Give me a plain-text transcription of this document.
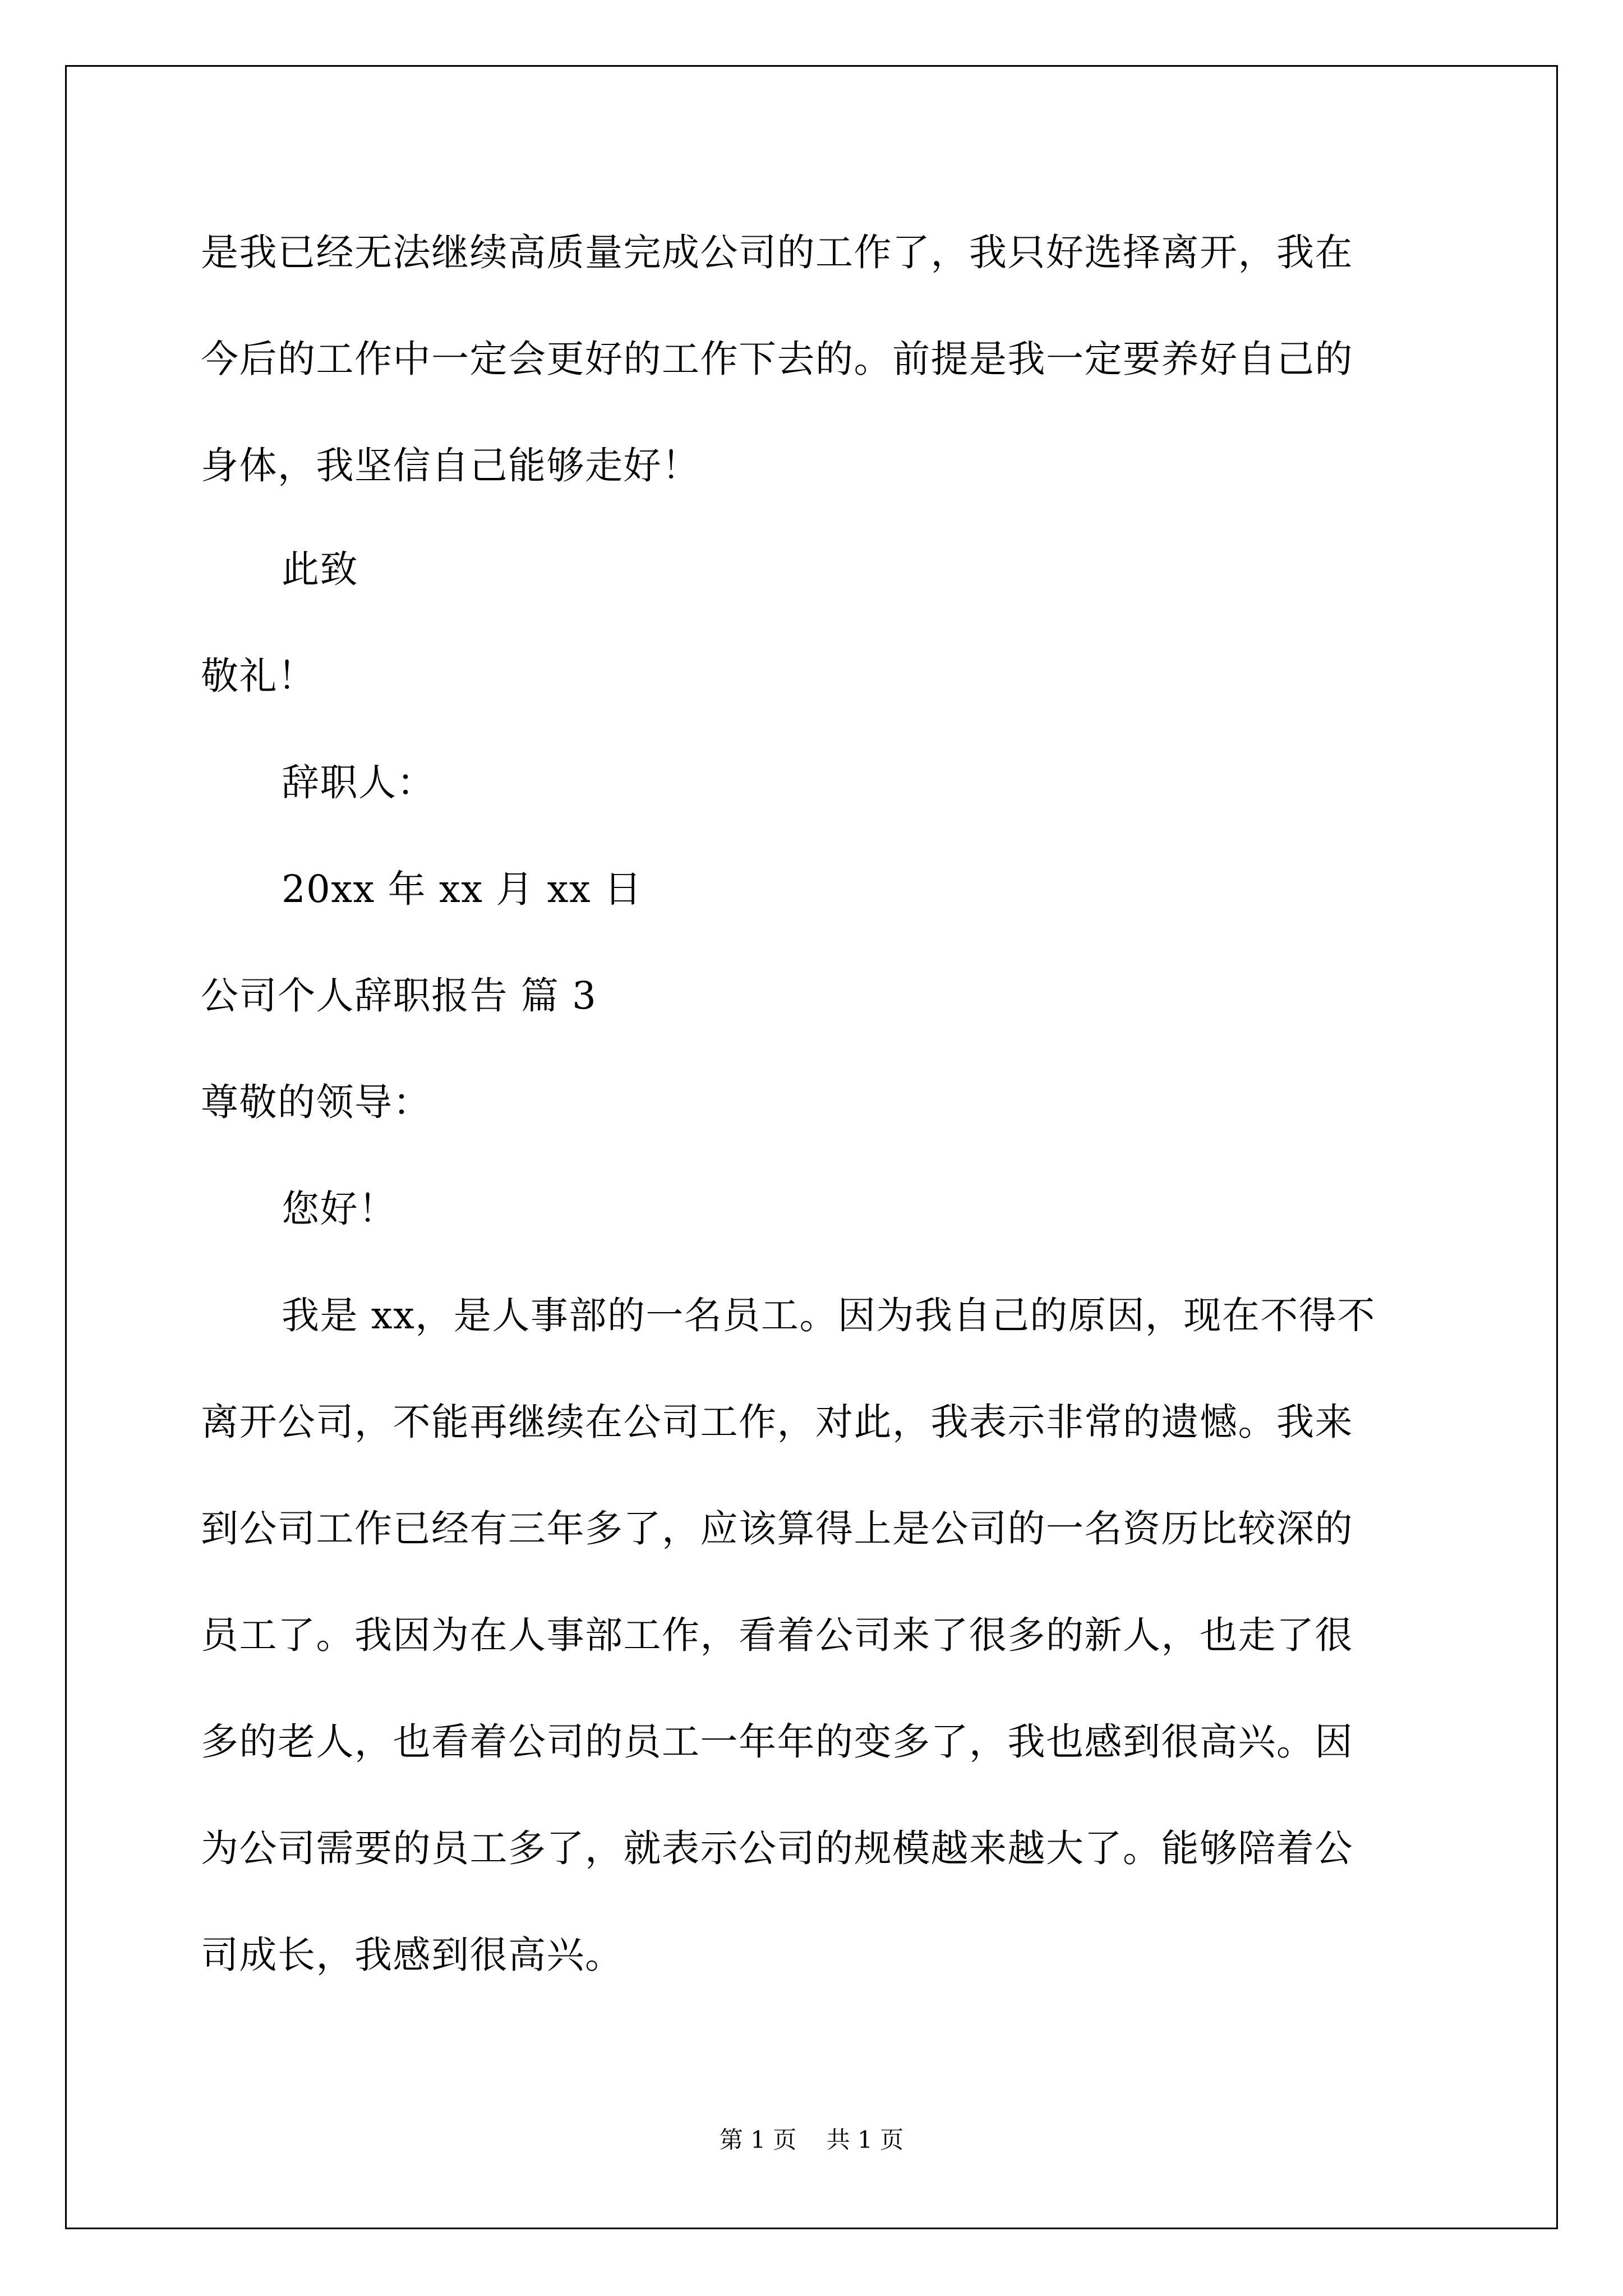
是我已经无法继续高质量完成公司的工作了，我只好选择离开，我在
今后的工作中一定会更好的工作下去的。前提是我一定要养好自己的
身体，我坚信自己能够走好！
此致
敬礼！
辞职人：
20xx 年 xx 月 xx 日
公司个人辞职报告 篇 3
尊敬的领导：
您好！
我是 xx，是人事部的一名员工。因为我自己的原因，现在不得不
离开公司，不能再继续在公司工作，对此，我表示非常的遗憾。我来
到公司工作已经有三年多了，应该算得上是公司的一名资历比较深的
员工了。我因为在人事部工作，看着公司来了很多的新人，也走了很
多的老人，也看着公司的员工一年年的变多了，我也感到很高兴。因
为公司需要的员工多了，就表示公司的规模越来越大了。能够陪着公
司成长，我感到很高兴。
第 1 页    共 1 页
